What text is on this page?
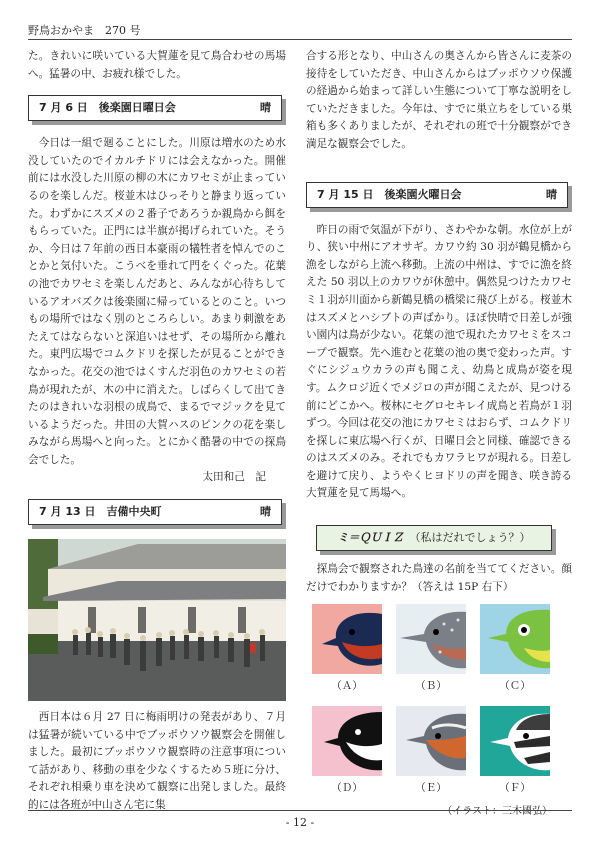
野鳥おかやま　270 号

た。きれいに咲いている大賀蓮を見て鳥合わせの馬場へ。猛暑の中、お疲れ様でした。

7 月 6 日　後楽園日曜日会	晴

今日は一組で廻ることにした。川原は増水のため水没していたのでイカルチドリには会えなかった。開催前には水没した川原の柳の木にカワセミが止まっているのを楽しんだ。桜並木はひっそりと静まり返っていた。わずかにスズメの２番子であろうか親鳥から餌をもらっていた。正門には半旗が掲げられていた。そうか、今日は７年前の西日本豪雨の犠牲者を悼んでのことかと気付いた。こうべを垂れて門をくぐった。花葉の池でカワセミを楽しんだあと、みんなが心待ちしているアオバズクは後楽園に帰っているとのこと。いつもの場所ではなく別のところらしい。あまり刺激をあたえてはならないと深追いはせず、その場所から離れた。東門広場でコムクドリを探したが見ることができなかった。花交の池ではくすんだ羽色のカワセミの若鳥が現れたが、木の中に消えた。しばらくして出てきたのはきれいな羽根の成鳥で、まるでマジックを見ているようだった。井田の大賀ハスのピンクの花を楽しみながら馬場へと向った。とにかく酷暑の中での探鳥会でした。

太田和己　記

7 月 13 日　吉備中央町	晴

西日本は６月 27 日に梅雨明けの発表があり、７月は猛暑が続いている中でブッポウソウ観察会を開催しました。最初にブッポウソウ観察時の注意事項について話があり、移動の車を少なくするため５班に分け、それぞれ相乗り車を決めて観察に出発しました。最終的には各班が中山さん宅に集

合する形となり、中山さんの奥さんから皆さんに麦茶の接待をしていただき、中山さんからはブッポウソウ保護の経過から始まって詳しい生態について丁寧な説明をしていただきました。今年は、すでに巣立ちをしている巣箱も多くありましたが、それぞれの班で十分観察ができ満足な観察会でした。

7 月 15 日　後楽園火曜日会	晴

昨日の雨で気温が下がり、さわやかな朝。水位が上がり、狭い中州にアオサギ。カワウ約 30 羽が鶴見橋から漁をしながら上流へ移動。上流の中州は、すでに漁を終えた 50 羽以上のカワウが休憩中。偶然見つけたカワセミ１羽が川面から新鶴見橋の橋梁に飛び上がる。桜並木はスズメとハシブトの声ばかり。ほぼ快晴で日差しが強い園内は鳥が少ない。花葉の池で現れたカワセミをスコープで観察。先へ進むと花葉の池の奥で変わった声。すぐにシジュウカラの声も聞こえ、幼鳥と成鳥が姿を現す。ムクロジ近くでメジロの声が聞こえたが、見つける前にどこかへ。桜林にセグロセキレイ成鳥と若鳥が１羽ずつ。今回は花交の池にカワセミはおらず、コムクドリを探しに東広場へ行くが、日曜日会と同様、確認できるのはスズメのみ。それでもカワラヒワが現れる。日差しを避けて戻り、ようやくヒヨドリの声を聞き、咲き誇る大賀蓮を見て馬場へ。

ミ＝ＱＵＩＺ （私はだれでしょう？）

探鳥会で観察された鳥達の名前を当ててください。顔だけでわかりますか？（答えは 15P 右下）

（Ａ）	（Ｂ）	（Ｃ）
（Ｄ）	（Ｅ）	（Ｆ）

（イラスト：三木國弘）

- 12 -
